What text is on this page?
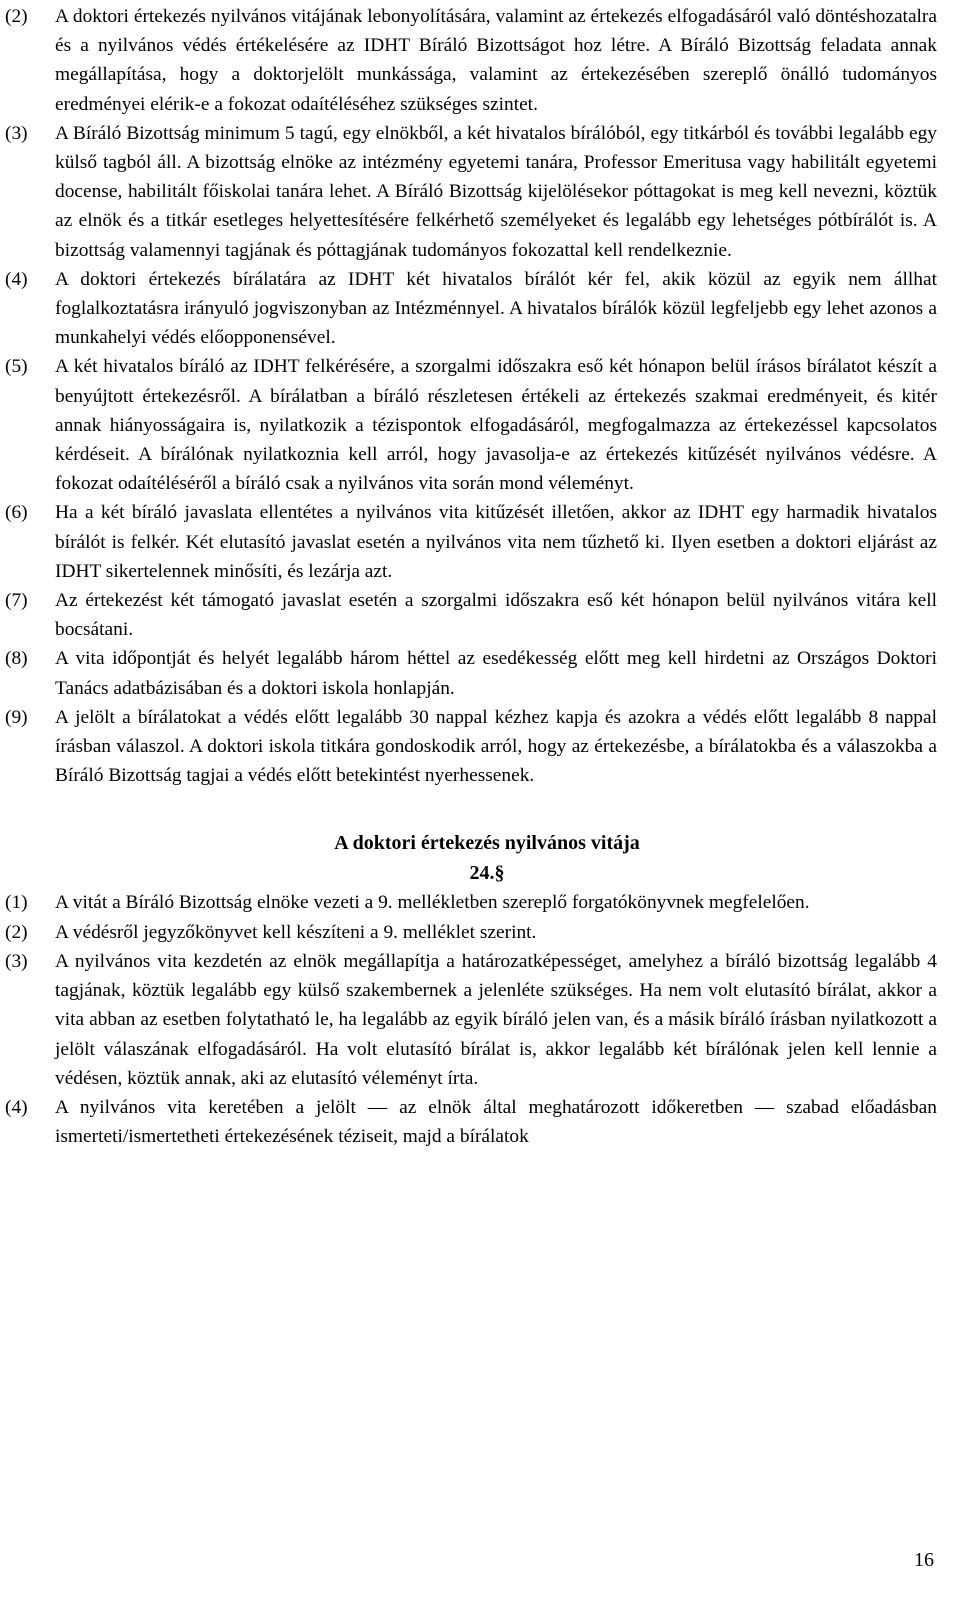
(2)	A doktori értekezés nyilvános vitájának lebonyolítására, valamint az értekezés elfogadásáról való döntéshozatalra és a nyilvános védés értékelésére az IDHT Bíráló Bizottságot hoz létre. A Bíráló Bizottság feladata annak megállapítása, hogy a doktorjelölt munkássága, valamint az értekezésében szereplő önálló tudományos eredményei elérik-e a fokozat odaítéléséhez szükséges szintet.
(3)	A Bíráló Bizottság minimum 5 tagú, egy elnökből, a két hivatalos bírálóból, egy titkárból és további legalább egy külső tagból áll. A bizottság elnöke az intézmény egyetemi tanára, Professor Emeritusa vagy habilitált egyetemi docense, habilitált főiskolai tanára lehet. A Bíráló Bizottság kijelölésekor póttagokat is meg kell nevezni, köztük az elnök és a titkár esetleges helyettesítésére felkérhető személyeket és legalább egy lehetséges pótbírálót is. A bizottság valamennyi tagjának és póttagjának tudományos fokozattal kell rendelkeznie.
(4)	A doktori értekezés bírálatára az IDHT két hivatalos bírálót kér fel, akik közül az egyik nem állhat foglalkoztatásra irányuló jogviszonyban az Intézménnyel. A hivatalos bírálók közül legfeljebb egy lehet azonos a munkahelyi védés előopponensével.
(5)	A két hivatalos bíráló az IDHT felkérésére, a szorgalmi időszakra eső két hónapon belül írásos bírálatot készít a benyújtott értekezésről. A bírálatban a bíráló részletesen értékeli az értekezés szakmai eredményeit, és kitér annak hiányosságaira is, nyilatkozik a tézispontok elfogadásáról, megfogalmazza az értekezéssel kapcsolatos kérdéseit. A bírálónak nyilatkoznia kell arról, hogy javasolja-e az értekezés kitűzését nyilvános védésre. A fokozat odaítéléséről a bíráló csak a nyilvános vita során mond véleményt.
(6)	Ha a két bíráló javaslata ellentétes a nyilvános vita kitűzését illetően, akkor az IDHT egy harmadik hivatalos bírálót is felkér. Két elutasító javaslat esetén a nyilvános vita nem tűzhető ki. Ilyen esetben a doktori eljárást az IDHT sikertelennek minősíti, és lezárja azt.
(7)	Az értekezést két támogató javaslat esetén a szorgalmi időszakra eső két hónapon belül nyilvános vitára kell bocsátani.
(8)	A vita időpontját és helyét legalább három héttel az esedékesség előtt meg kell hirdetni az Országos Doktori Tanács adatbázisában és a doktori iskola honlapján.
(9)	A jelölt a bírálatokat a védés előtt legalább 30 nappal kézhez kapja és azokra a védés előtt legalább 8 nappal írásban válaszol. A doktori iskola titkára gondoskodik arról, hogy az értekezésbe, a bírálatokba és a válaszokba a Bíráló Bizottság tagjai a védés előtt betekintést nyerhessenek.
A doktori értekezés nyilvános vitája
24.§
(1)	A vitát a Bíráló Bizottság elnöke vezeti a 9. mellékletben szereplő forgatókönyvnek megfelelően.
(2)	A védésről jegyzőkönyvet kell készíteni a 9. melléklet szerint.
(3)	A nyilvános vita kezdetén az elnök megállapítja a határozatképességet, amelyhez a bíráló bizottság legalább 4 tagjának, köztük legalább egy külső szakembernek a jelenléte szükséges. Ha nem volt elutasító bírálat, akkor a vita abban az esetben folytatható le, ha legalább az egyik bíráló jelen van, és a másik bíráló írásban nyilatkozott a jelölt válaszának elfogadásáról. Ha volt elutasító bírálat is, akkor legalább két bírálónak jelen kell lennie a védésen, köztük annak, aki az elutasító véleményt írta.
(4)	A nyilvános vita keretében a jelölt — az elnök által meghatározott időkeretben — szabad előadásban ismerteti/ismertetheti értekezésének téziseit, majd a bírálatok
16
